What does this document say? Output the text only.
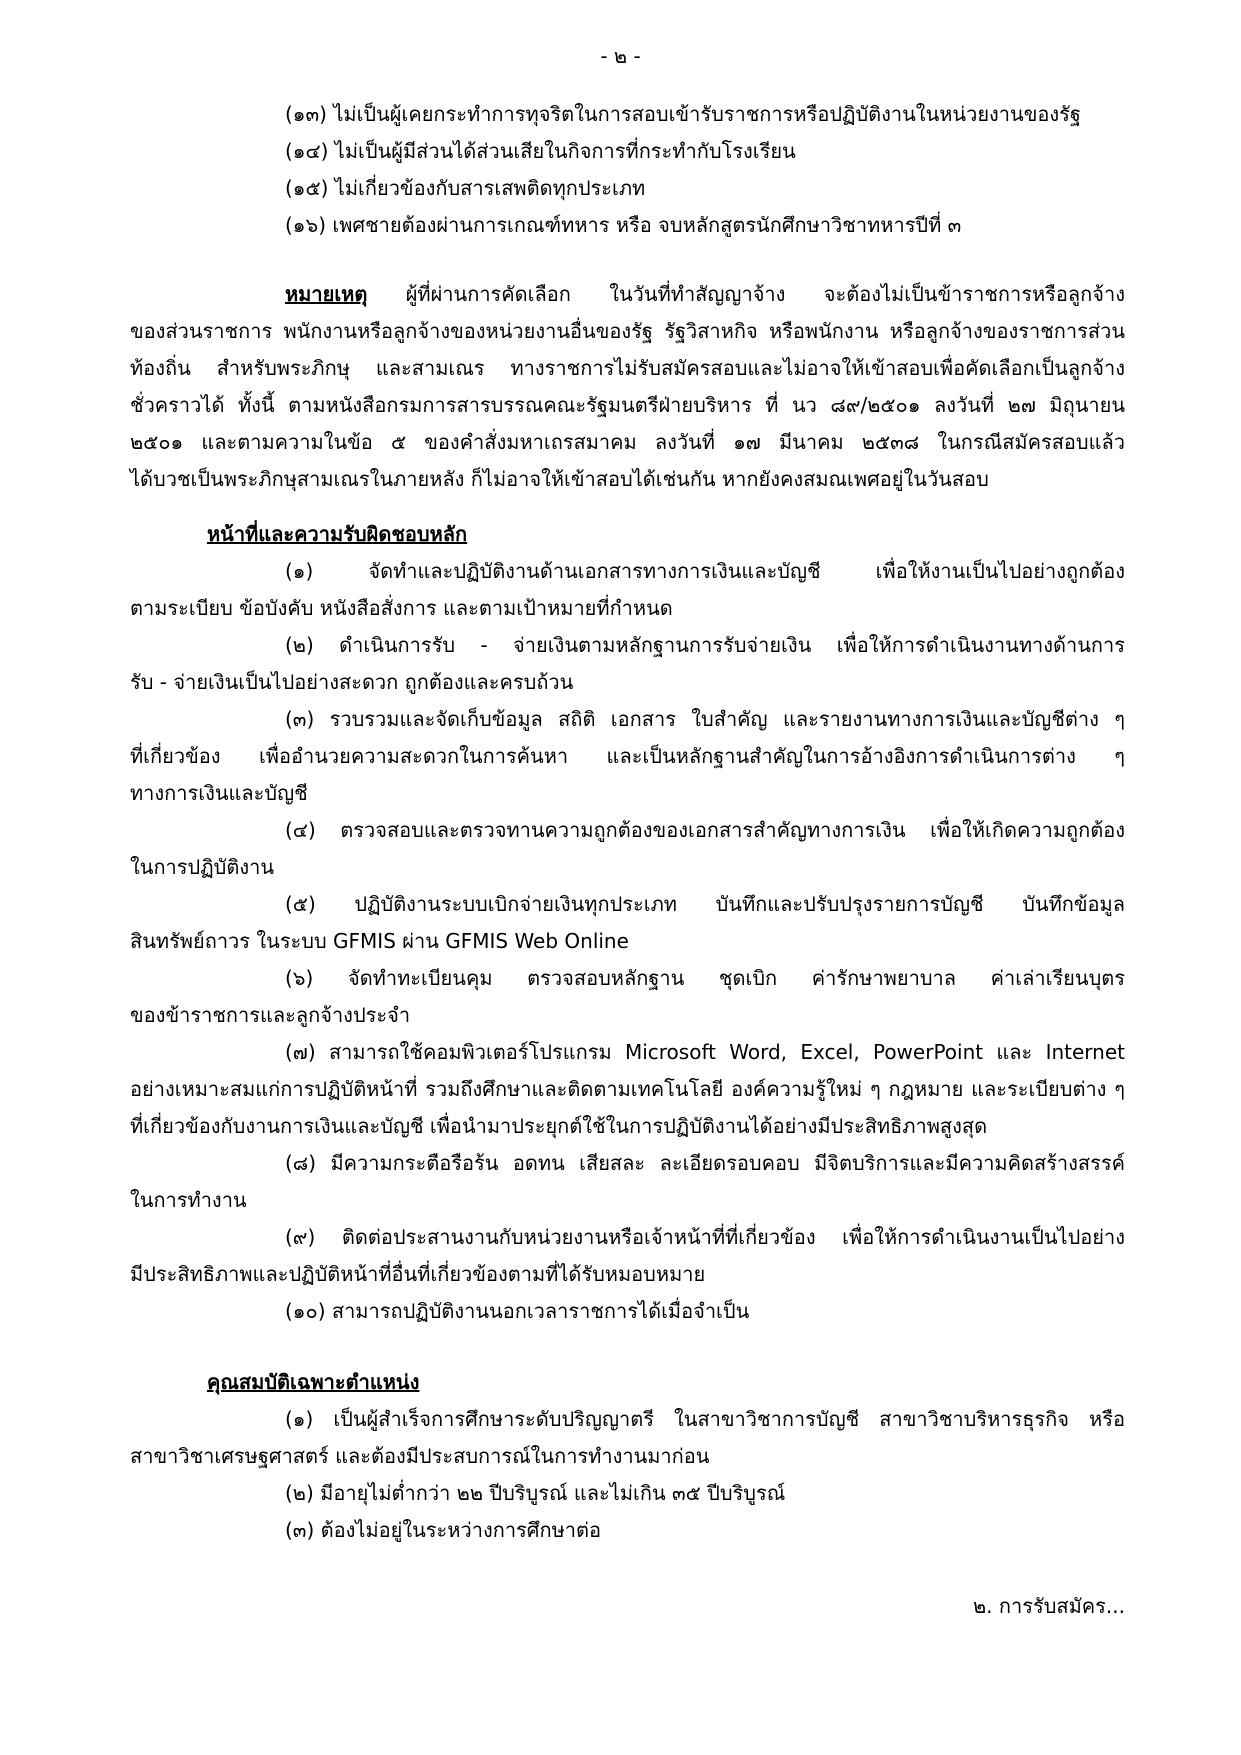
- ๒ -
(๑๓) ไม่เป็นผู้เคยกระทำการทุจริตในการสอบเข้ารับราชการหรือปฏิบัติงานในหน่วยงานของรัฐ
(๑๔) ไม่เป็นผู้มีส่วนได้ส่วนเสียในกิจการที่กระทำกับโรงเรียน
(๑๕) ไม่เกี่ยวข้องกับสารเสพติดทุกประเภท
(๑๖) เพศชายต้องผ่านการเกณฑ์ทหาร หรือ จบหลักสูตรนักศึกษาวิชาทหารปีที่ ๓
หมายเหตุ ผู้ที่ผ่านการคัดเลือก ในวันที่ทำสัญญาจ้าง จะต้องไม่เป็นข้าราชการหรือลูกจ้าง
ของส่วนราชการ พนักงานหรือลูกจ้างของหน่วยงานอื่นของรัฐ รัฐวิสาหกิจ หรือพนักงาน หรือลูกจ้างของราชการส่วน
ท้องถิ่น สำหรับพระภิกษุ และสามเณร ทางราชการไม่รับสมัครสอบและไม่อาจให้เข้าสอบเพื่อคัดเลือกเป็นลูกจ้าง
ชั่วคราวได้ ทั้งนี้ ตามหนังสือกรมการสารบรรณคณะรัฐมนตรีฝ่ายบริหาร ที่ นว ๘๙/๒๕๐๑ ลงวันที่ ๒๗ มิถุนายน
๒๕๐๑ และตามความในข้อ ๕ ของคำสั่งมหาเถรสมาคม ลงวันที่ ๑๗ มีนาคม ๒๕๓๘ ในกรณีสมัครสอบแล้ว
ได้บวชเป็นพระภิกษุสามเณรในภายหลัง ก็ไม่อาจให้เข้าสอบได้เช่นกัน หากยังคงสมณเพศอยู่ในวันสอบ
หน้าที่และความรับผิดชอบหลัก
(๑) จัดทำและปฏิบัติงานด้านเอกสารทางการเงินและบัญชี เพื่อให้งานเป็นไปอย่างถูกต้อง
ตามระเบียบ ข้อบังคับ หนังสือสั่งการ และตามเป้าหมายที่กำหนด
(๒) ดำเนินการรับ - จ่ายเงินตามหลักฐานการรับจ่ายเงิน เพื่อให้การดำเนินงานทางด้านการ
รับ - จ่ายเงินเป็นไปอย่างสะดวก ถูกต้องและครบถ้วน
(๓) รวบรวมและจัดเก็บข้อมูล สถิติ เอกสาร ใบสำคัญ และรายงานทางการเงินและบัญชีต่าง ๆ
ที่เกี่ยวข้อง เพื่ออำนวยความสะดวกในการค้นหา และเป็นหลักฐานสำคัญในการอ้างอิงการดำเนินการต่าง ๆ
ทางการเงินและบัญชี
(๔) ตรวจสอบและตรวจทานความถูกต้องของเอกสารสำคัญทางการเงิน เพื่อให้เกิดความถูกต้อง
ในการปฏิบัติงาน
(๕) ปฏิบัติงานระบบเบิกจ่ายเงินทุกประเภท บันทึกและปรับปรุงรายการบัญชี บันทึกข้อมูล
สินทรัพย์ถาวร ในระบบ GFMIS ผ่าน GFMIS Web Online
(๖) จัดทำทะเบียนคุม ตรวจสอบหลักฐาน ชุดเบิก ค่ารักษาพยาบาล ค่าเล่าเรียนบุตร
ของข้าราชการและลูกจ้างประจำ
(๗) สามารถใช้คอมพิวเตอร์โปรแกรม Microsoft Word, Excel, PowerPoint และ Internet
อย่างเหมาะสมแก่การปฏิบัติหน้าที่ รวมถึงศึกษาและติดตามเทคโนโลยี องค์ความรู้ใหม่ ๆ กฎหมาย และระเบียบต่าง ๆ
ที่เกี่ยวข้องกับงานการเงินและบัญชี เพื่อนำมาประยุกต์ใช้ในการปฏิบัติงานได้อย่างมีประสิทธิภาพสูงสุด
(๘) มีความกระตือรือร้น อดทน เสียสละ ละเอียดรอบคอบ มีจิตบริการและมีความคิดสร้างสรรค์
ในการทำงาน
(๙) ติดต่อประสานงานกับหน่วยงานหรือเจ้าหน้าที่ที่เกี่ยวข้อง เพื่อให้การดำเนินงานเป็นไปอย่าง
มีประสิทธิภาพและปฏิบัติหน้าที่อื่นที่เกี่ยวข้องตามที่ได้รับหมอบหมาย
(๑๐) สามารถปฏิบัติงานนอกเวลาราชการได้เมื่อจำเป็น
คุณสมบัติเฉพาะตำแหน่ง
(๑) เป็นผู้สำเร็จการศึกษาระดับปริญญาตรี ในสาขาวิชาการบัญชี สาขาวิชาบริหารธุรกิจ หรือ
สาขาวิชาเศรษฐศาสตร์ และต้องมีประสบการณ์ในการทำงานมาก่อน
(๒) มีอายุไม่ต่ำกว่า ๒๒ ปีบริบูรณ์ และไม่เกิน ๓๕ ปีบริบูรณ์
(๓) ต้องไม่อยู่ในระหว่างการศึกษาต่อ
๒. การรับสมัคร...
